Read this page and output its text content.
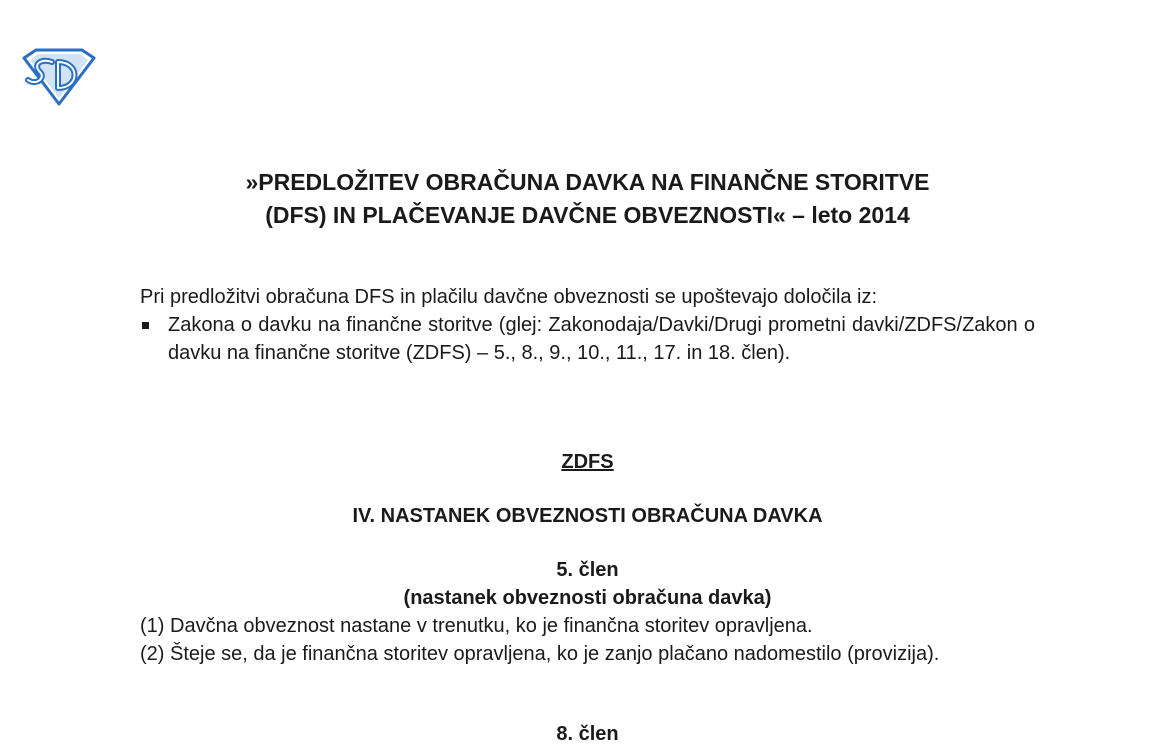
»PREDLOŽITEV OBRAČUNA DAVKA NA FINANČNE STORITVE
(DFS) IN PLAČEVANJE DAVČNE OBVEZNOSTI« – leto 2014
Pri predložitvi obračuna DFS in plačilu davčne obveznosti se upoštevajo določila iz:
Zakona o davku na finančne storitve (glej: Zakonodaja/Davki/Drugi prometni davki/ZDFS/Zakon o davku na finančne storitve (ZDFS) – 5., 8., 9., 10., 11., 17. in 18. člen).
ZDFS
IV. NASTANEK OBVEZNOSTI OBRAČUNA DAVKA
5. člen
(nastanek obveznosti obračuna davka)
(1) Davčna obveznost nastane v trenutku, ko je finančna storitev opravljena.
(2) Šteje se, da je finančna storitev opravljena, ko je zanjo plačano nadomestilo (provizija).
8. člen
